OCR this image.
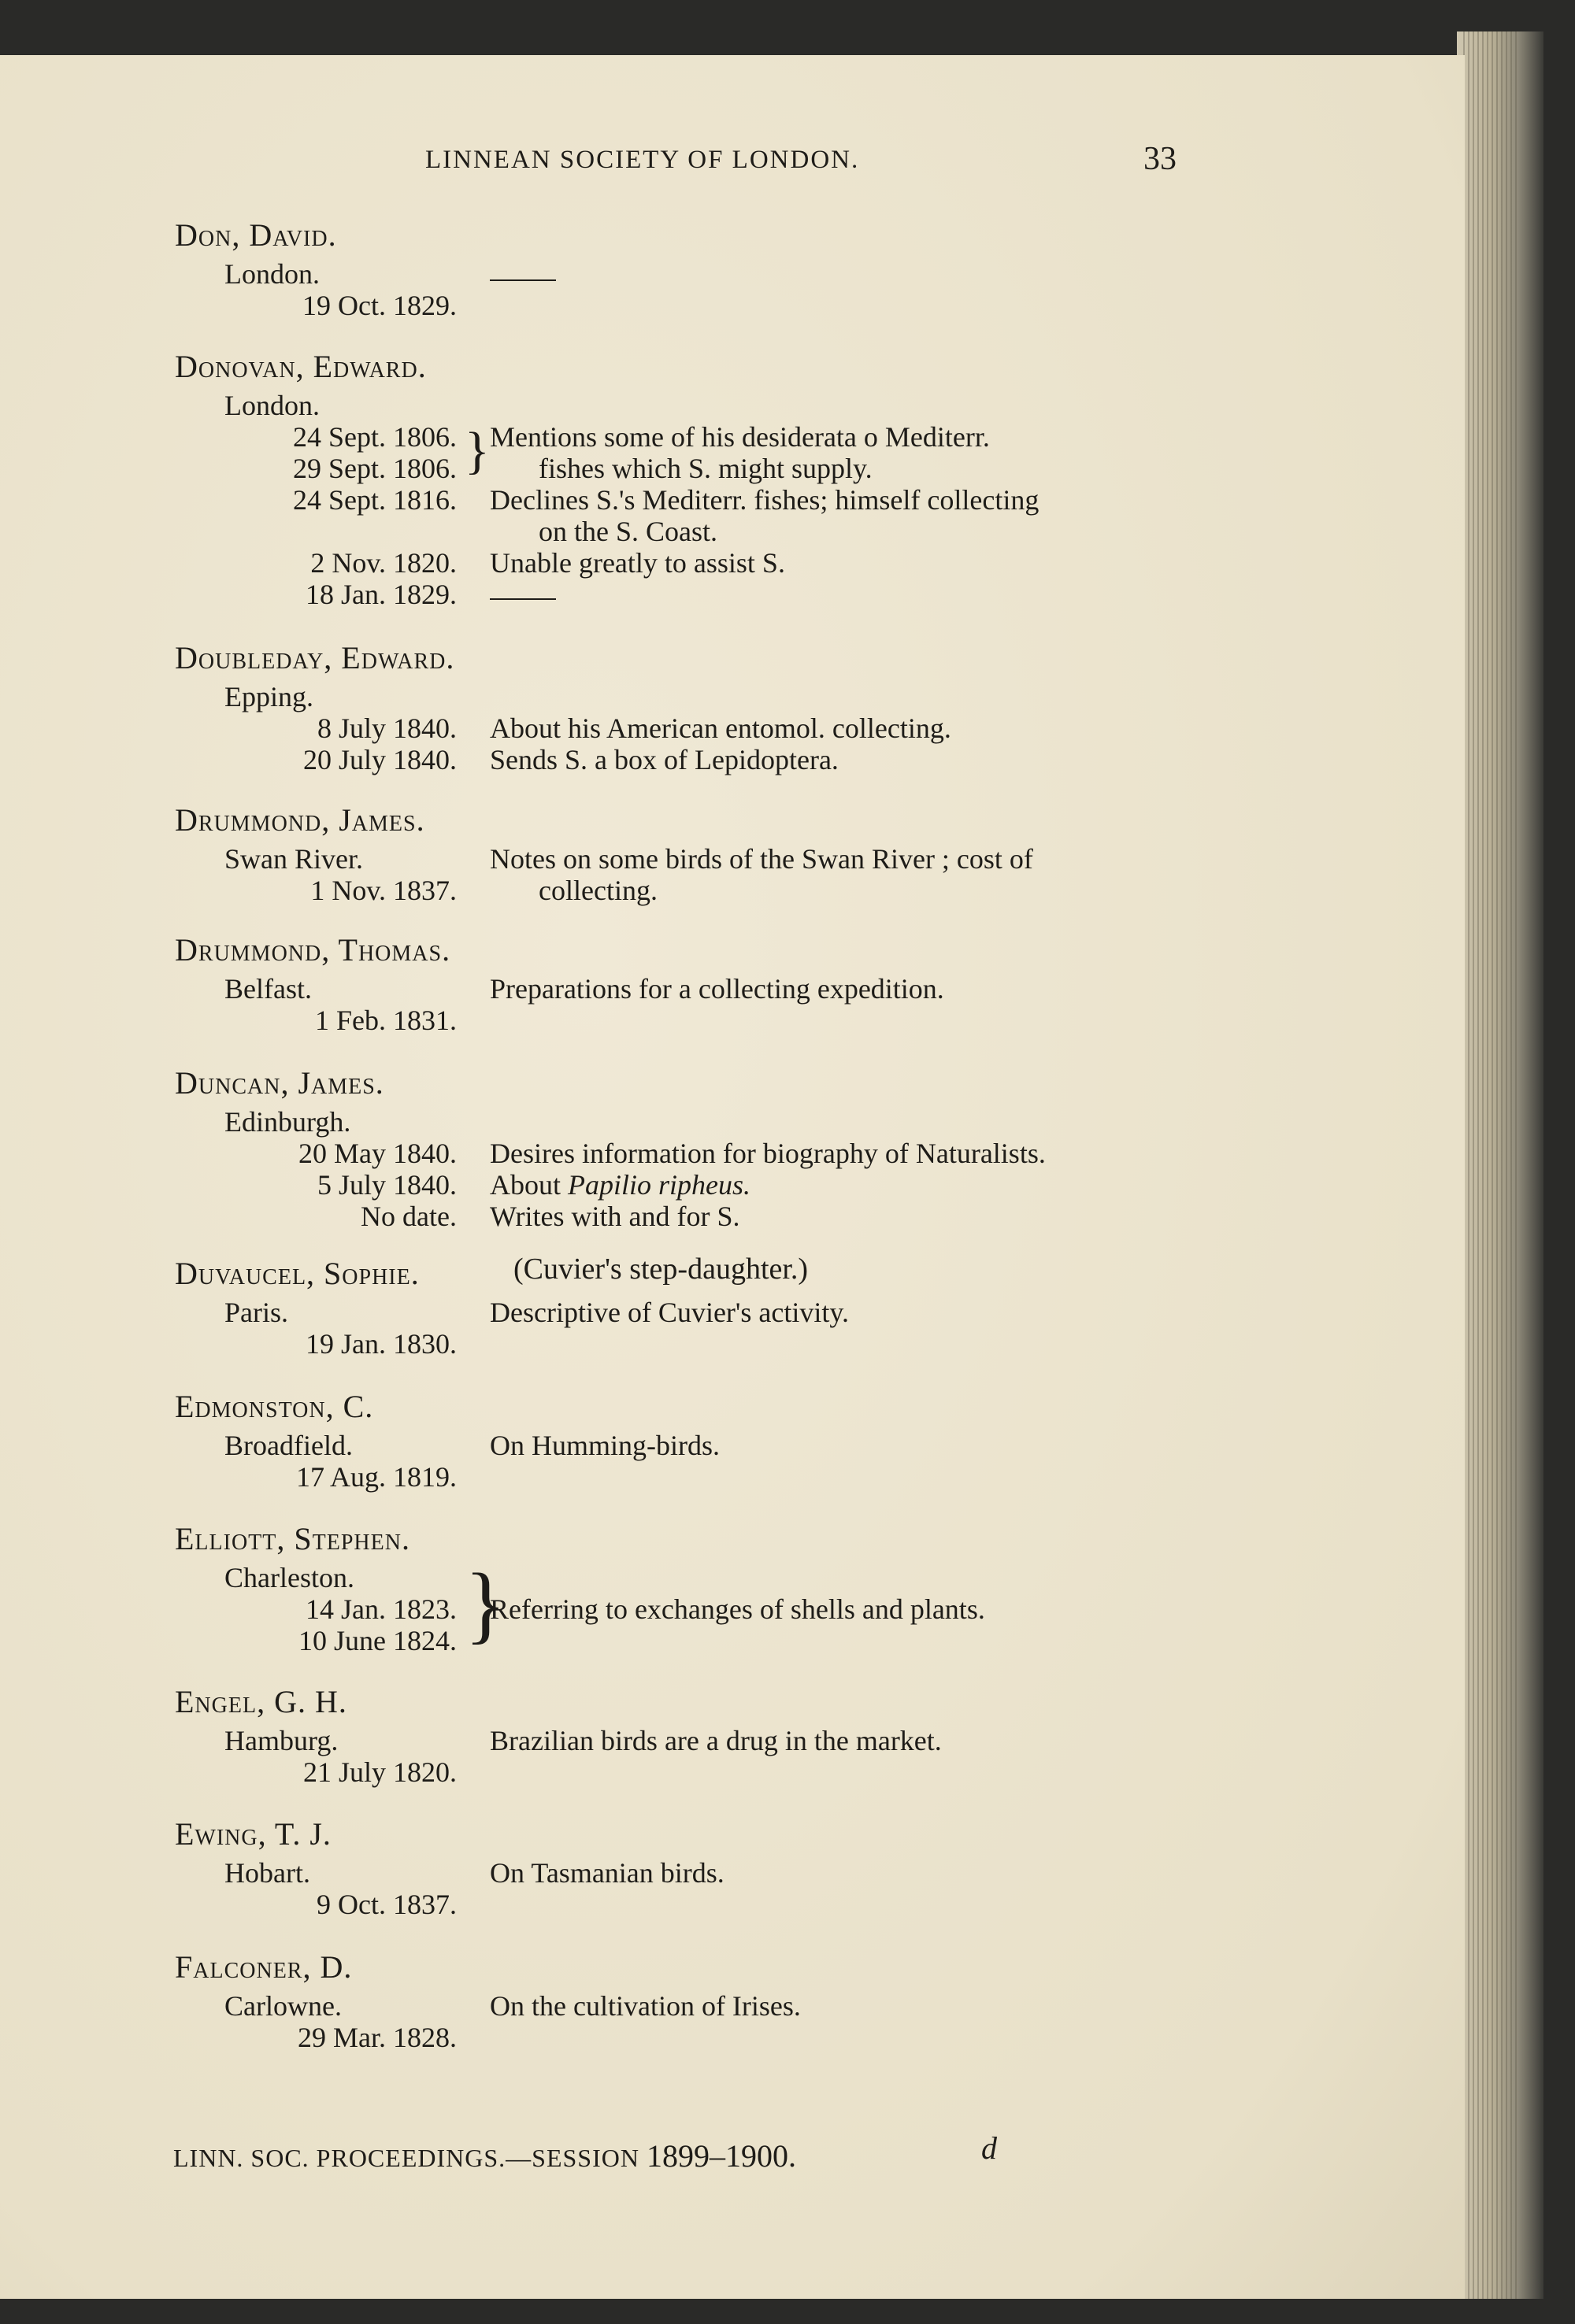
LINNEAN SOCIETY OF LONDON.	33
Don, David.
London.
19 Oct. 1829.
Donovan, Edward.
London.
24 Sept. 1806. Mentions some of his desiderata o Mediterr.
29 Sept. 1806.	fishes which S. might supply.
}
24 Sept. 1816. Declines S.'s Mediterr. fishes; himself collecting
on the S. Coast.
2 Nov. 1820. Unable greatly to assist S.
18 Jan. 1829.
Doubleday, Edward.
Epping.
8 July 1840. About his American entomol. collecting.
20 July 1840. Sends S. a box of Lepidoptera.
Drummond, James.
Swan River.	Notes on some birds of the Swan River ; cost of
1 Nov. 1837.	collecting.
Drummond, Thomas.
Belfast.	Preparations for a collecting expedition.
1 Feb. 1831.
Duncan, James.
Edinburgh.
20 May 1840. Desires information for biography of Naturalists.
5 July 1840. About Papilio ripheus.
No date. Writes with and for S.
Duvaucel, Sophie.	(Cuvier's step-daughter.)
Paris.	Descriptive of Cuvier's activity.
19 Jan. 1830.
Edmonston, C.
Broadfield.	On Humming-birds.
17 Aug. 1819.
Elliott, Stephen.
Charleston.
14 Jan. 1823. Referring to exchanges of shells and plants.
10 June 1824. }
Engel, G. H.
Hamburg.	Brazilian birds are a drug in the market.
21 July 1820.
Ewing, T. J.
Hobart.	On Tasmanian birds.
9 Oct. 1837.
Falconer, D.
Carlowne.	On the cultivation of Irises.
29 Mar. 1828.
LINN. SOC. PROCEEDINGS.—SESSION 1899–1900.	d
